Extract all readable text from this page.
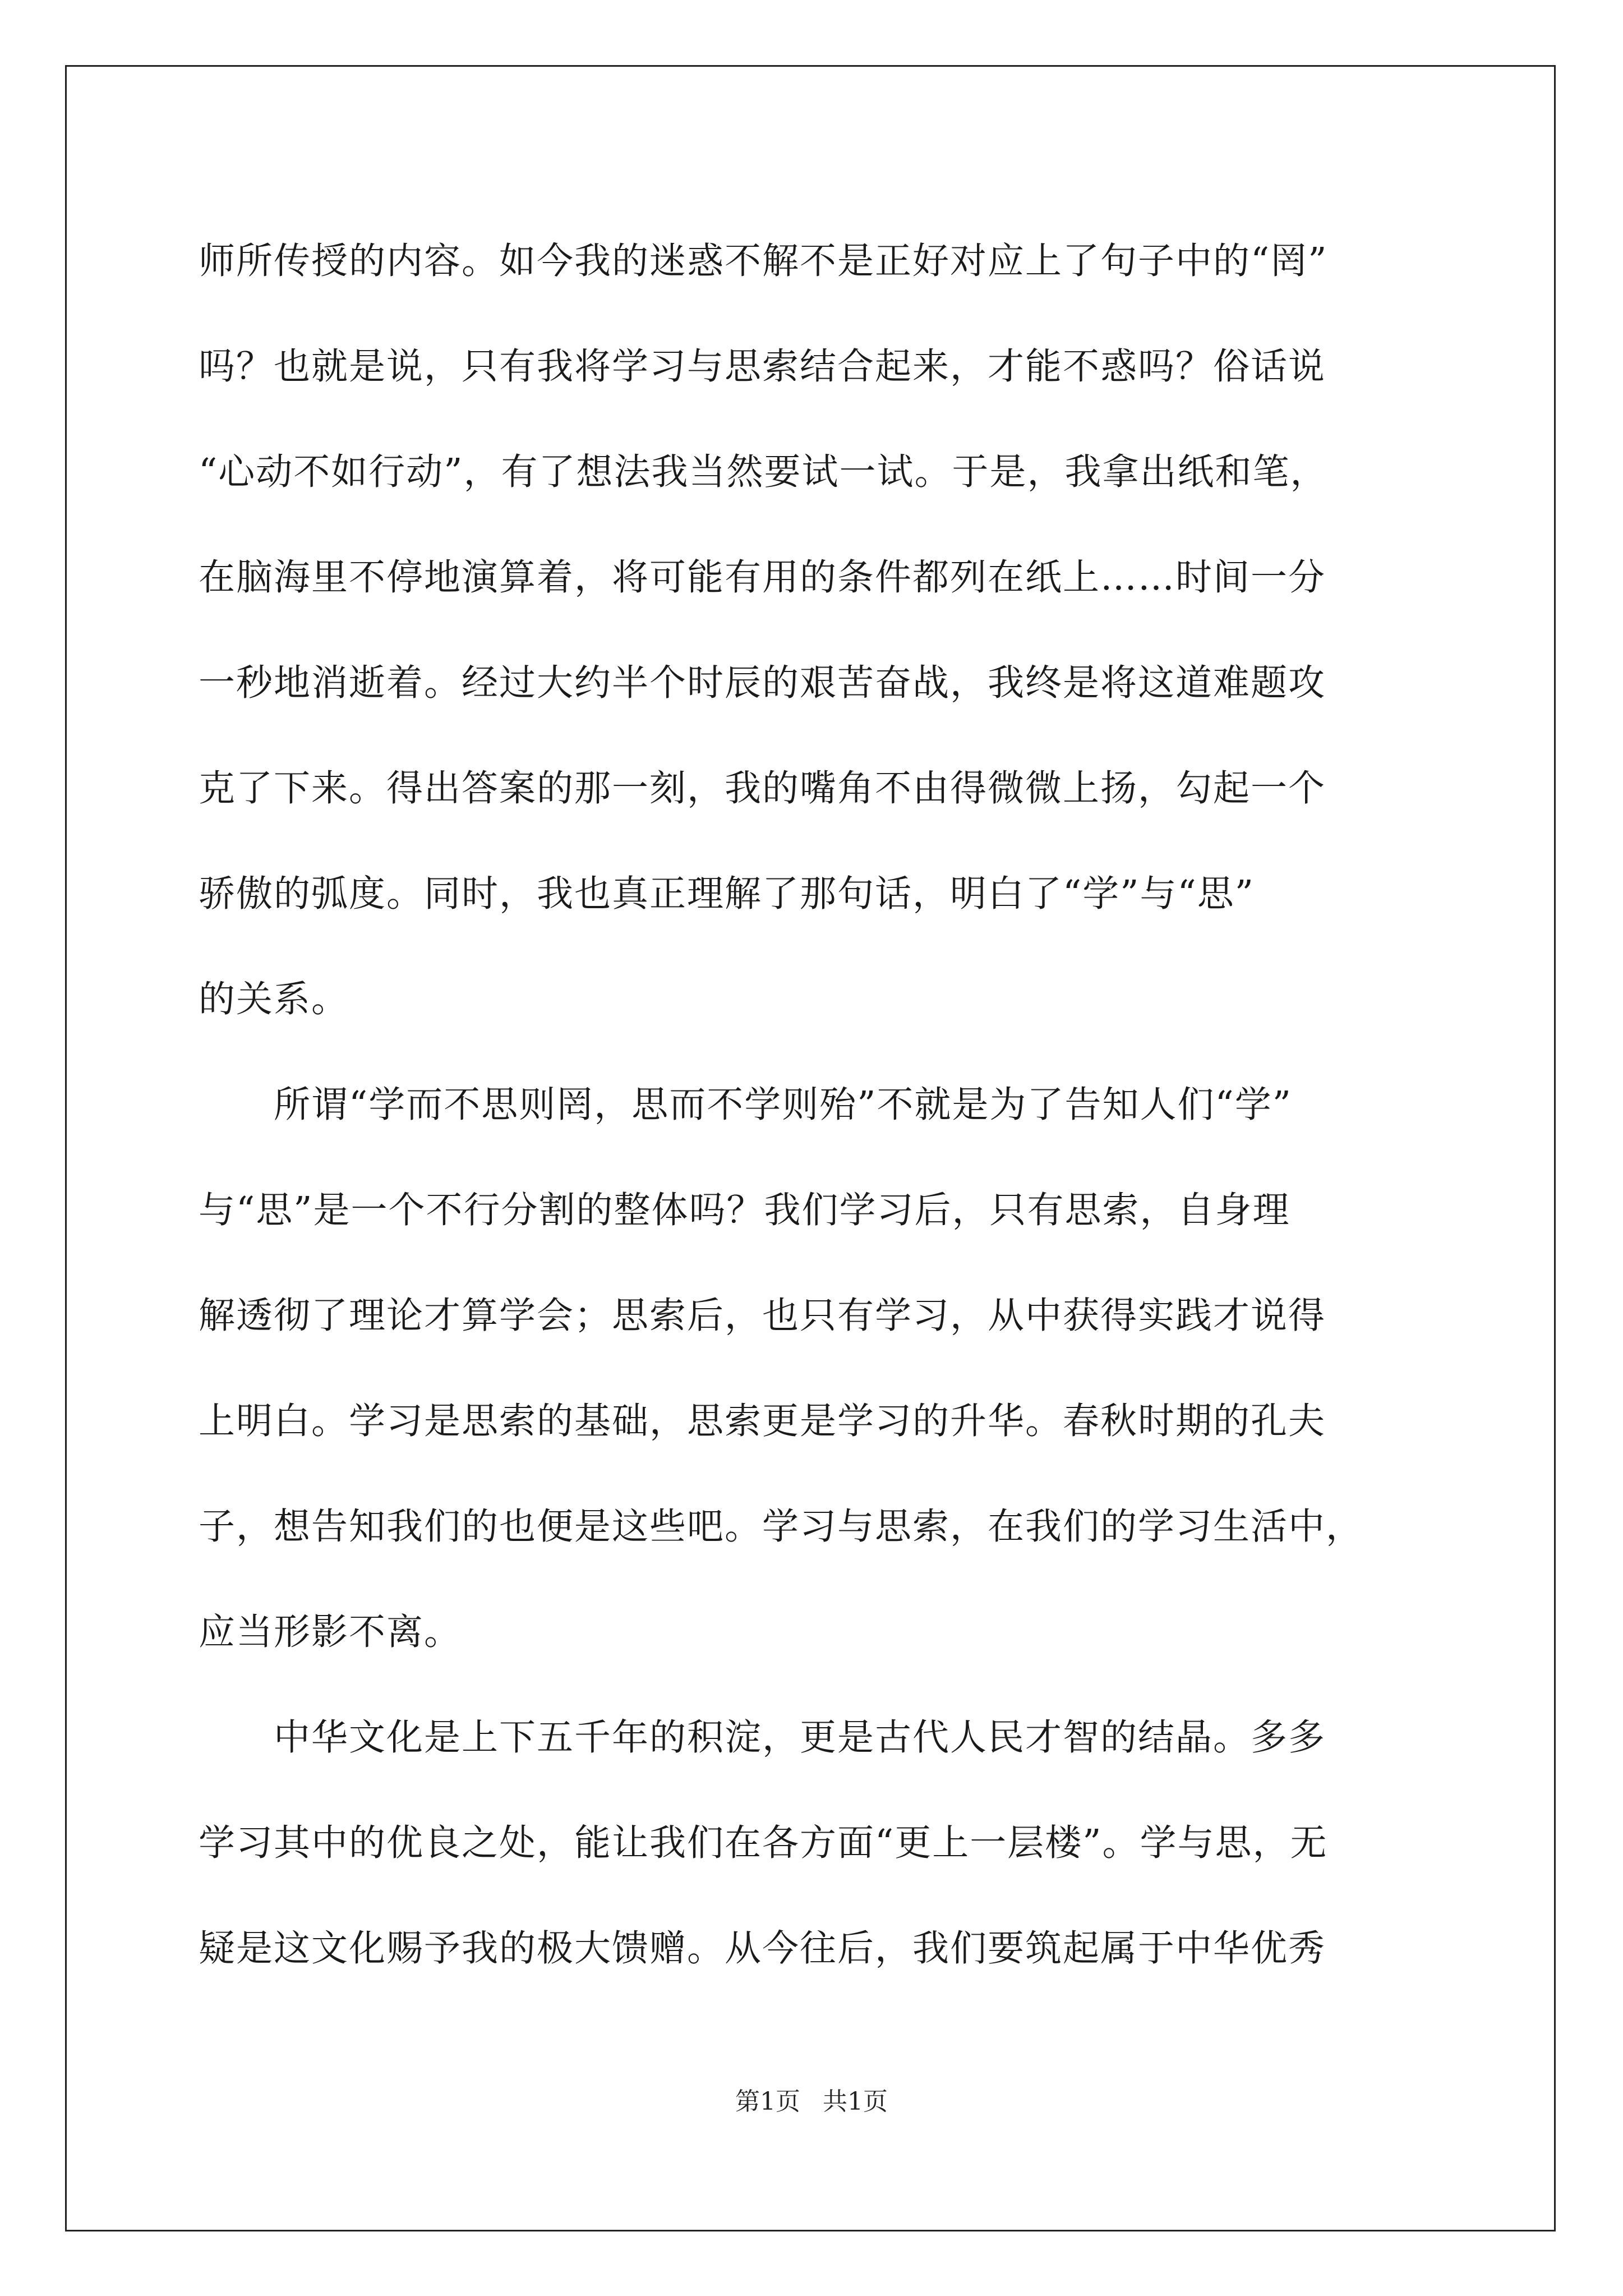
师所传授的内容。如今我的迷惑不解不是正好对应上了句子中的“罔”
吗？也就是说，只有我将学习与思索结合起来，才能不惑吗？俗话说
“心动不如行动”，有了想法我当然要试一试。于是，我拿出纸和笔，
在脑海里不停地演算着，将可能有用的条件都列在纸上……时间一分
一秒地消逝着。经过大约半个时辰的艰苦奋战，我终是将这道难题攻
克了下来。得出答案的那一刻，我的嘴角不由得微微上扬，勾起一个
骄傲的弧度。同时，我也真正理解了那句话，明白了“学”与“思”
的关系。
　　所谓“学而不思则罔，思而不学则殆”不就是为了告知人们“学”
与“思”是一个不行分割的整体吗？我们学习后，只有思索，自身理
解透彻了理论才算学会；思索后，也只有学习，从中获得实践才说得
上明白。学习是思索的基础，思索更是学习的升华。春秋时期的孔夫
子，想告知我们的也便是这些吧。学习与思索，在我们的学习生活中，
应当形影不离。
　　中华文化是上下五千年的积淀，更是古代人民才智的结晶。多多
学习其中的优良之处，能让我们在各方面“更上一层楼”。学与思，无
疑是这文化赐予我的极大馈赠。从今往后，我们要筑起属于中华优秀
第1页 共1页
